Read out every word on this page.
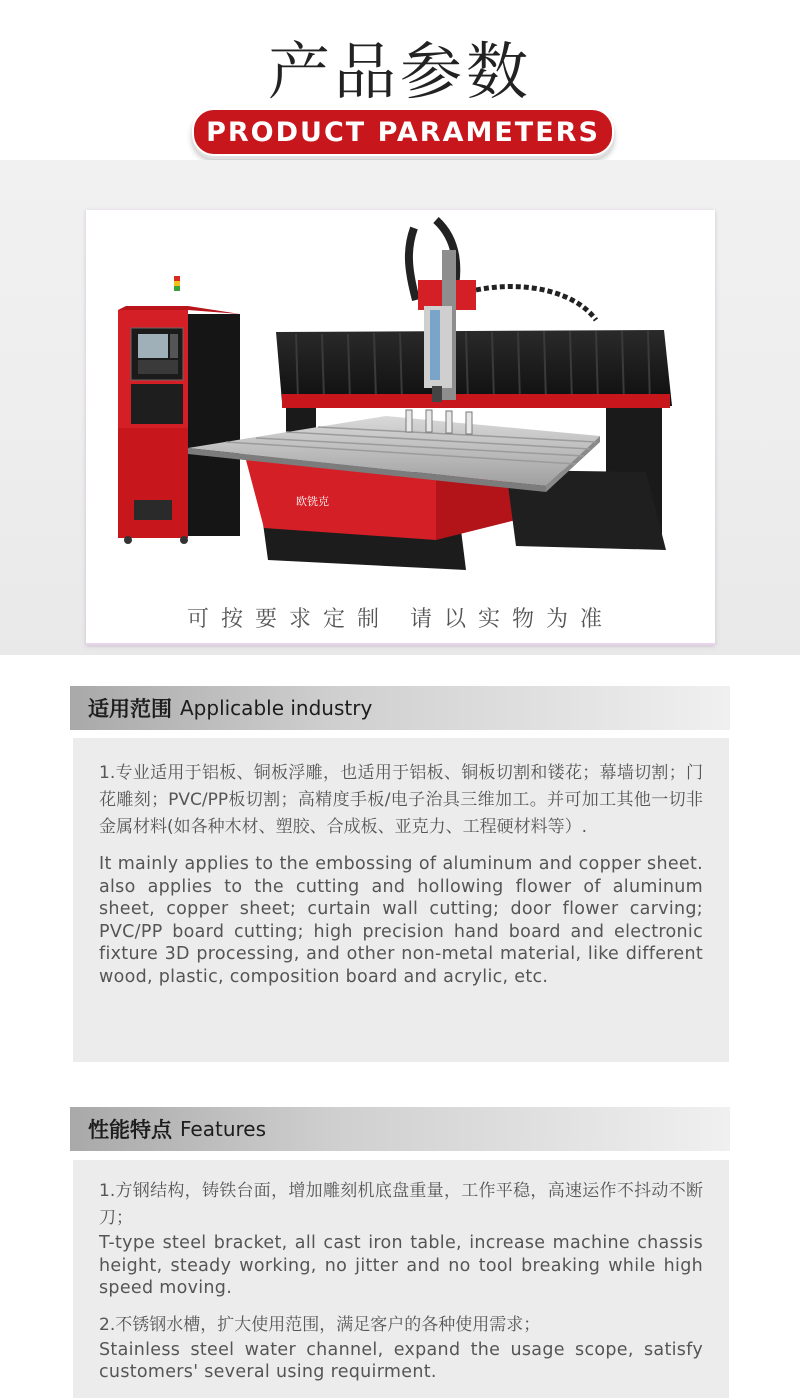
产品参数
PRODUCT PARAMETERS
欧铣克
可按要求定制 请以实物为准
适用范围 Applicable industry
1.专业适用于铝板、铜板浮雕，也适用于铝板、铜板切割和镂花；幕墙切割；门花雕刻；PVC/PP板切割；高精度手板/电子治具三维加工。并可加工其他一切非金属材料(如各种木材、塑胶、合成板、亚克力、工程硬材料等）.
It mainly applies to the embossing of aluminum and copper sheet. also applies to the cutting and hollowing flower of aluminum sheet, copper sheet; curtain wall cutting; door flower carving; PVC/PP board cutting; high precision hand board and electronic fixture 3D processing, and other non-metal material, like different wood, plastic, composition board and acrylic, etc.
性能特点 Features
1.方钢结构，铸铁台面，增加雕刻机底盘重量，工作平稳，高速运作不抖动不断刀；
T-type steel bracket, all cast iron table, increase machine chassis height, steady working, no jitter and no tool breaking while high speed moving.
2.不锈钢水槽，扩大使用范围，满足客户的各种使用需求；
Stainless steel water channel, expand the usage scope, satisfy customers' several using requirment.
